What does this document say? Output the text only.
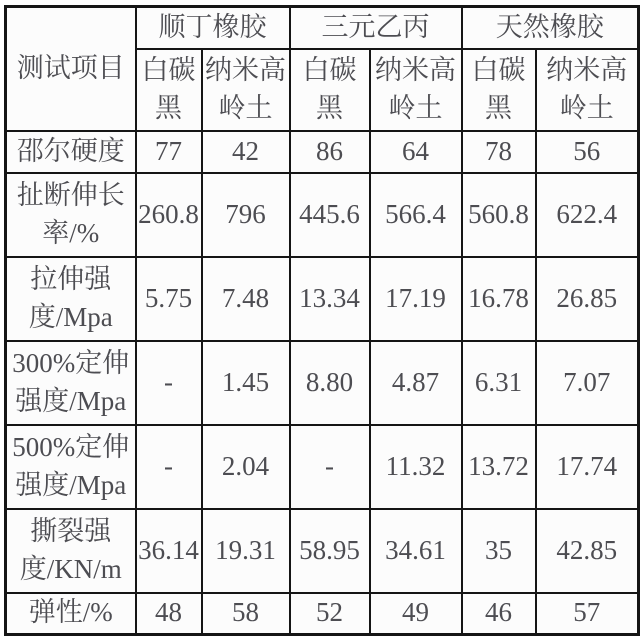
测试项目	顺丁橡胶		三元乙丙		天然橡胶	
	白碳黑	纳米高岭土	白碳黑	纳米高岭土	白碳黑	纳米高岭土
邵尔硬度	77	42	86	64	78	56
扯断伸长率/%	260.8	796	445.6	566.4	560.8	622.4
拉伸强度/Mpa	5.75	7.48	13.34	17.19	16.78	26.85
300%定伸强度/Mpa	-	1.45	8.80	4.87	6.31	7.07
500%定伸强度/Mpa	-	2.04	-	11.32	13.72	17.74
撕裂强度/KN/m	36.14	19.31	58.95	34.61	35	42.85
弹性/%	48	58	52	49	46	57
